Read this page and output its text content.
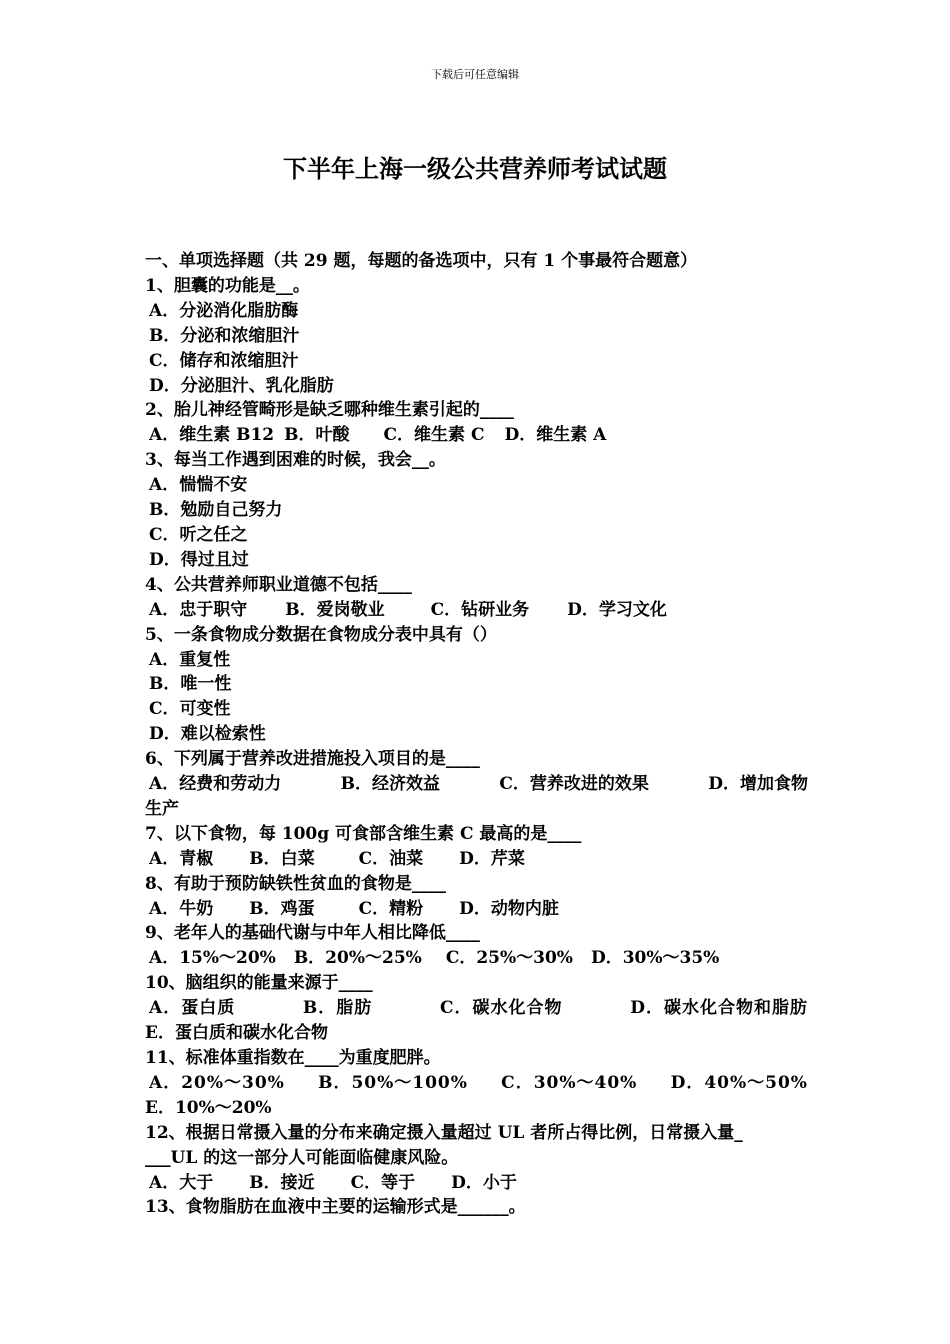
下载后可任意编辑
下半年上海一级公共营养师考试试题
一、单项选择题（共 29 题，每题的备选项中，只有 1 个事最符合题意）
1、胆囊的功能是__。
A．分泌消化脂肪酶
B．分泌和浓缩胆汁
C．储存和浓缩胆汁
D．分泌胆汁、乳化脂肪
2、胎儿神经管畸形是缺乏哪种维生素引起的____
A．维生素 B12 B．叶酸 C．维生素 C D．维生素 A
3、每当工作遇到困难的时候，我会__。
A．惴惴不安
B．勉励自己努力
C．听之任之
D．得过且过
4、公共营养师职业道德不包括____
A．忠于职守 B．爱岗敬业	C．钻研业务 D．学习文化
5、一条食物成分数据在食物成分表中具有（）
A．重复性
B．唯一性
C．可变性
D．难以检索性
6、下列属于营养改进措施投入项目的是____
A．经费和劳动力	B．经济效益	C．营养改进的效果	D．增加食物
生产
7、以下食物，每 100g 可食部含维生素 C 最高的是____
A．青椒 B．白菜	C．油菜 D．芹菜
8、有助于预防缺铁性贫血的食物是____
A．牛奶 B．鸡蛋	C．精粉 D．动物内脏
9、老年人的基础代谢与中年人相比降低____
A．15%～20% B．20%～25% C．25%～30% D．30%～35%
10、脑组织的能量来源于____
A．蛋白质	B．脂肪	C．碳水化合物	D．碳水化合物和脂肪
E．蛋白质和碳水化合物
11、标准体重指数在____为重度肥胖。
A．20%～30% B．50%～100% C．30%～40% D．40%～50%
E．10%～20%
12、根据日常摄入量的分布来确定摄入量超过 UL 者所占得比例，日常摄入量_
___UL 的这一部分人可能面临健康风险。
A．大于 B．接近 C．等于 D．小于
13、食物脂肪在血液中主要的运输形式是______。
